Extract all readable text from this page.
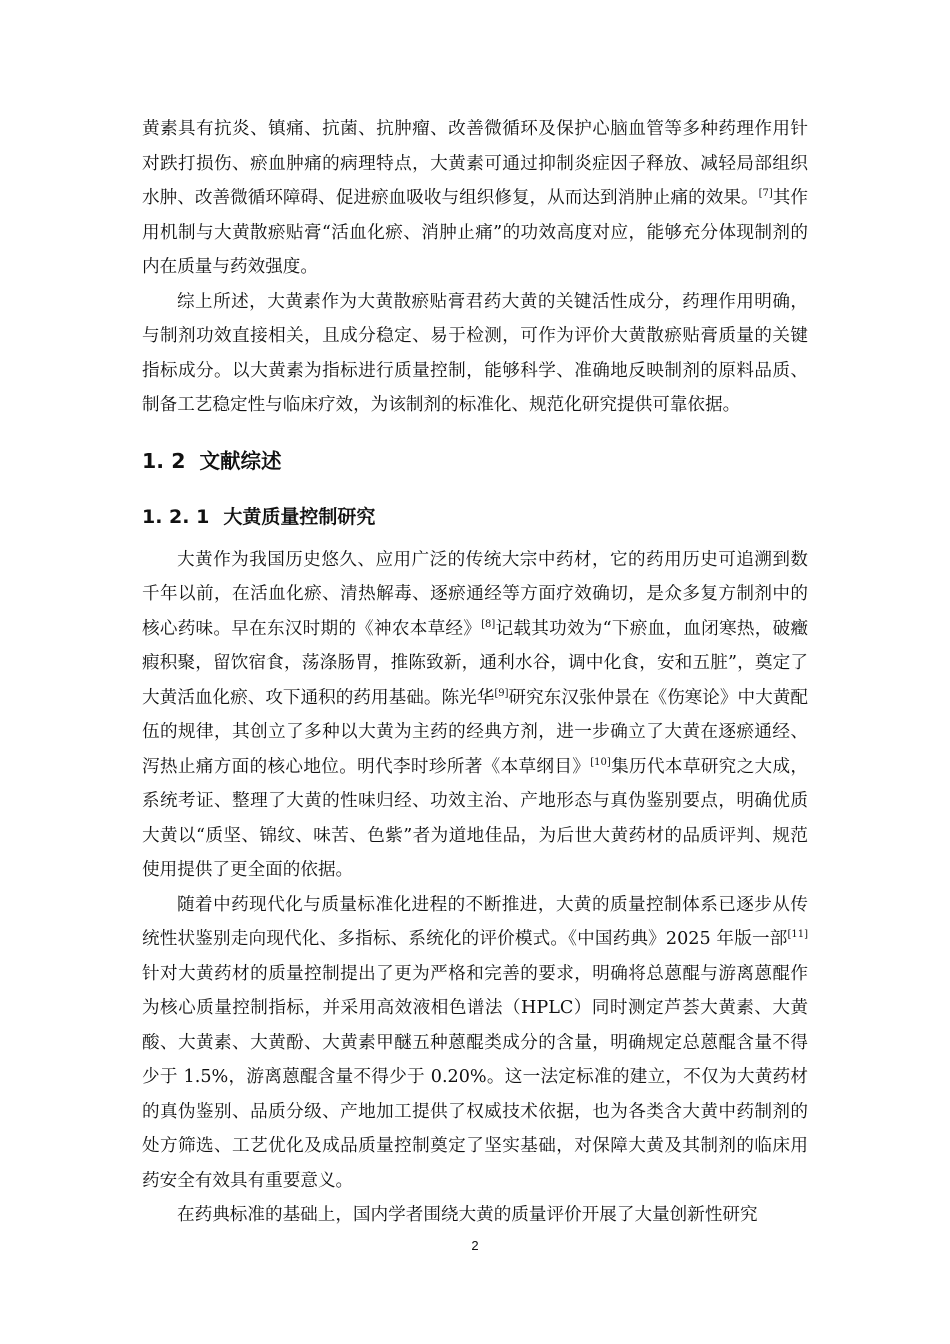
黄素具有抗炎、镇痛、抗菌、抗肿瘤、改善微循环及保护心脑血管等多种药理作用针对跌打损伤、瘀血肿痛的病理特点，大黄素可通过抑制炎症因子释放、减轻局部组织水肿、改善微循环障碍、促进瘀血吸收与组织修复，从而达到消肿止痛的效果。[7]其作用机制与大黄散瘀贴膏“活血化瘀、消肿止痛”的功效高度对应，能够充分体现制剂的内在质量与药效强度。

综上所述，大黄素作为大黄散瘀贴膏君药大黄的关键活性成分，药理作用明确，与制剂功效直接相关，且成分稳定、易于检测，可作为评价大黄散瘀贴膏质量的关键指标成分。以大黄素为指标进行质量控制，能够科学、准确地反映制剂的原料品质、制备工艺稳定性与临床疗效，为该制剂的标准化、规范化研究提供可靠依据。

1. 2 文献综述
1. 2. 1 大黄质量控制研究

大黄作为我国历史悠久、应用广泛的传统大宗中药材，它的药用历史可追溯到数千年以前，在活血化瘀、清热解毒、逐瘀通经等方面疗效确切，是众多复方制剂中的核心药味。早在东汉时期的《神农本草经》[8]记载其功效为“下瘀血，血闭寒热，破癥瘕积聚，留饮宿食，荡涤肠胃，推陈致新，通利水谷，调中化食，安和五脏”，奠定了大黄活血化瘀、攻下通积的药用基础。陈光华[9]研究东汉张仲景在《伤寒论》中大黄配伍的规律，其创立了多种以大黄为主药的经典方剂，进一步确立了大黄在逐瘀通经、泻热止痛方面的核心地位。明代李时珍所著《本草纲目》[10]集历代本草研究之大成，系统考证、整理了大黄的性味归经、功效主治、产地形态与真伪鉴别要点，明确优质大黄以“质坚、锦纹、味苦、色紫”者为道地佳品，为后世大黄药材的品质评判、规范使用提供了更全面的依据。

随着中药现代化与质量标准化进程的不断推进，大黄的质量控制体系已逐步从传统性状鉴别走向现代化、多指标、系统化的评价模式。《中国药典》2025 年版一部[11]针对大黄药材的质量控制提出了更为严格和完善的要求，明确将总蒽醌与游离蒽醌作为核心质量控制指标，并采用高效液相色谱法（HPLC）同时测定芦荟大黄素、大黄酸、大黄素、大黄酚、大黄素甲醚五种蒽醌类成分的含量，明确规定总蒽醌含量不得少于 1.5%，游离蒽醌含量不得少于 0.20%。这一法定标准的建立，不仅为大黄药材的真伪鉴别、品质分级、产地加工提供了权威技术依据，也为各类含大黄中药制剂的处方筛选、工艺优化及成品质量控制奠定了坚实基础，对保障大黄及其制剂的临床用药安全有效具有重要意义。

在药典标准的基础上，国内学者围绕大黄的质量评价开展了大量创新性研究

2
